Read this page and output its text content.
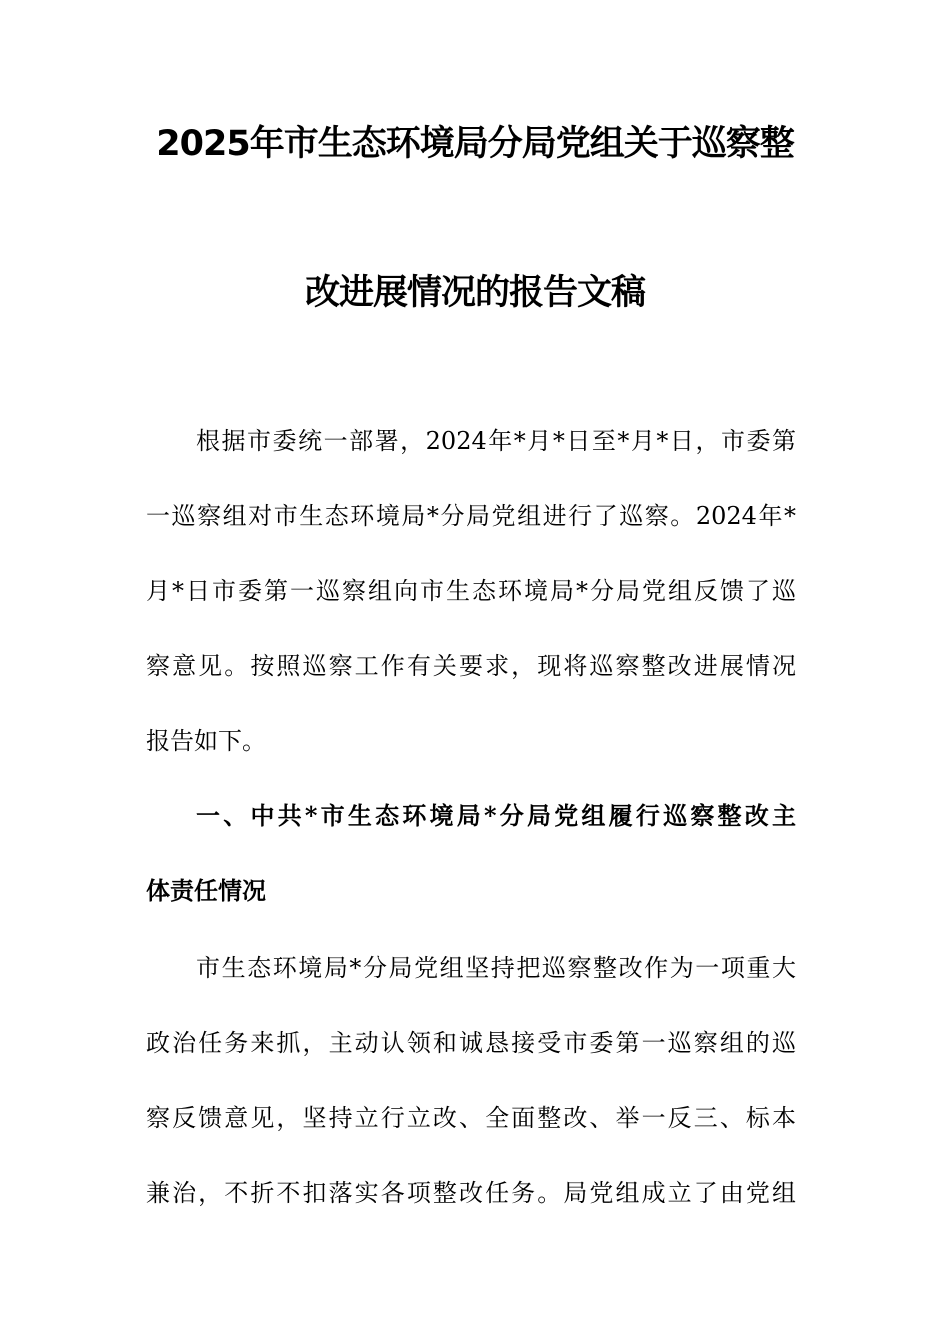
2025年市生态环境局分局党组关于巡察整
改进展情况的报告文稿
根据市委统一部署，2024年*月*日至*月*日，市委第
一巡察组对市生态环境局*分局党组进行了巡察。2024年*
月*日市委第一巡察组向市生态环境局*分局党组反馈了巡
察意见。按照巡察工作有关要求，现将巡察整改进展情况
报告如下。
一、中共*市生态环境局*分局党组履行巡察整改主
体责任情况
市生态环境局*分局党组坚持把巡察整改作为一项重大
政治任务来抓，主动认领和诚恳接受市委第一巡察组的巡
察反馈意见，坚持立行立改、全面整改、举一反三、标本
兼治，不折不扣落实各项整改任务。局党组成立了由党组
